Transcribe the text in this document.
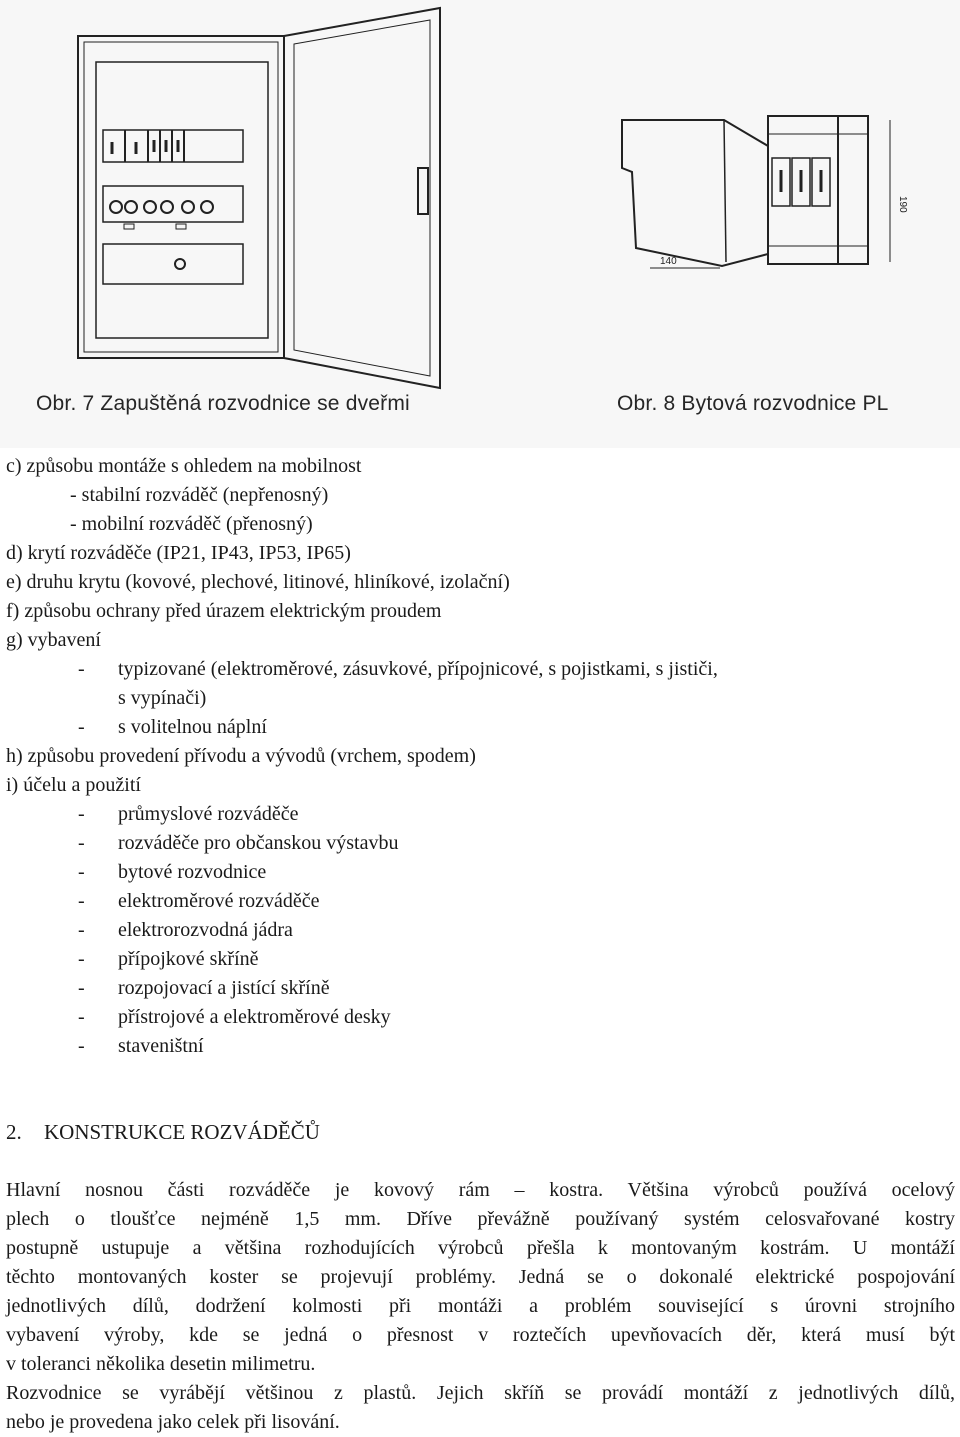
190
140
Obr. 7 Zapuštěná rozvodnice se dveřmi	Obr. 8 Bytová rozvodnice PL
c) způsobu montáže s ohledem na mobilnost
- stabilní rozváděč (nepřenosný)
- mobilní rozváděč (přenosný)
d) krytí rozváděče (IP21, IP43, IP53, IP65)
e) druhu krytu (kovové, plechové, litinové, hliníkové, izolační)
f) způsobu ochrany před úrazem elektrickým proudem
g) vybavení
- typizované (elektroměrové, zásuvkové, přípojnicové, s pojistkami, s jističi,
s vypínači)
- s volitelnou náplní
h) způsobu provedení přívodu a vývodů (vrchem, spodem)
i) účelu a použití
- průmyslové rozváděče
- rozváděče pro občanskou výstavbu
- bytové rozvodnice
- elektroměrové rozváděče
- elektrorozvodná jádra
- přípojkové skříně
- rozpojovací a jistící skříně
- přístrojové a elektroměrové desky
- staveništní
2. KONSTRUKCE ROZVÁDĚČŮ
Hlavní nosnou části rozváděče je kovový rám – kostra. Většina výrobců používá ocelový
plech o tloušťce nejméně 1,5 mm. Dříve převážně používaný systém celosvařované kostry
postupně ustupuje a většina rozhodujících výrobců přešla k montovaným kostrám. U montáží
těchto montovaných koster se projevují problémy. Jedná se o dokonalé elektrické pospojování
jednotlivých dílů, dodržení kolmosti při montáži a problém související s úrovni strojního
vybavení výroby, kde se jedná o přesnost v roztečích upevňovacích děr, která musí být
v toleranci několika desetin milimetru.
Rozvodnice se vyrábějí většinou z plastů. Jejich skříň se provádí montáží z jednotlivých dílů,
nebo je provedena jako celek při lisování.
